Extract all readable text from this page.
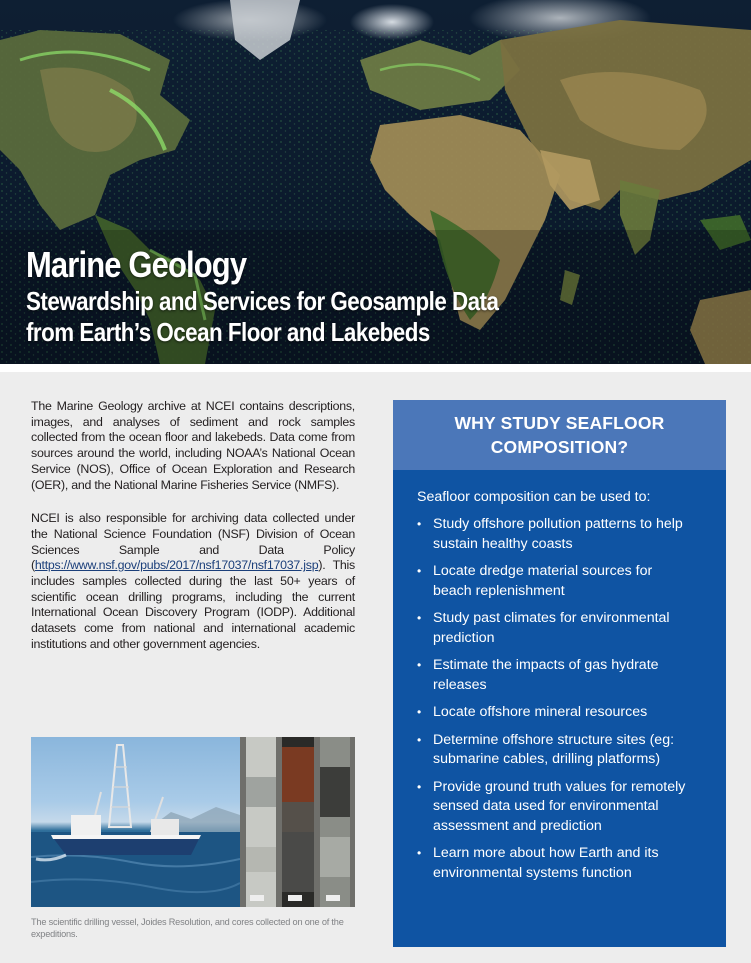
Marine Geology
Stewardship and Services for Geosample Data
from Earth’s Ocean Floor and Lakebeds

The Marine Geology archive at NCEI contains descriptions, images, and analyses of sediment and rock samples collected from the ocean floor and lakebeds. Data come from sources around the world, including NOAA’s National Ocean Service (NOS), Office of Ocean Exploration and Research (OER), and the National Marine Fisheries Service (NMFS).

NCEI is also responsible for archiving data collected under the National Science Foundation (NSF) Division of Ocean Sciences Sample and Data Policy (https://www.nsf.gov/pubs/2017/nsf17037/nsf17037.jsp). This includes samples collected during the last 50+ years of scientific ocean drilling programs, including the current International Ocean Discovery Program (IODP). Additional datasets come from national and international academic institutions and other government agencies.

The scientific drilling vessel, Joides Resolution, and cores collected on one of the expeditions.

WHY STUDY SEAFLOOR
COMPOSITION?

Seafloor composition can be used to:

• Study offshore pollution patterns to help sustain healthy coasts
• Locate dredge material sources for beach replenishment
• Study past climates for environmental prediction
• Estimate the impacts of gas hydrate releases
• Locate offshore mineral resources
• Determine offshore structure sites (eg: submarine cables, drilling platforms)
• Provide ground truth values for remotely sensed data used for environmental assessment and prediction
• Learn more about how Earth and its environmental systems function
